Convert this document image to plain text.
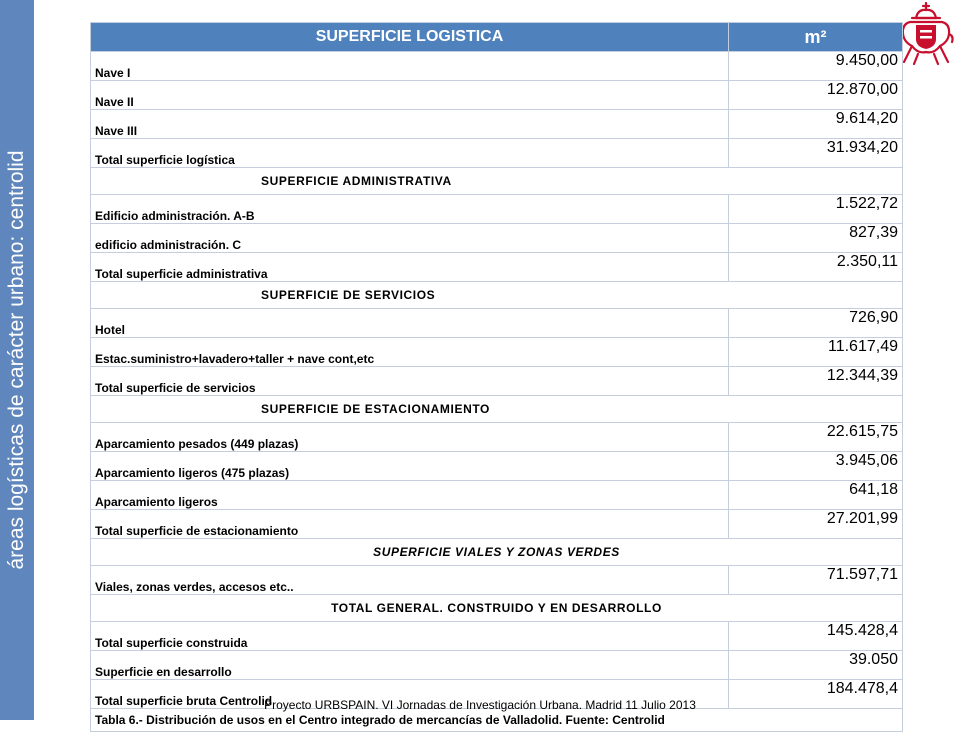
áreas logísticas de carácter urbano: centrolid
SUPERFICIE LOGISTICA	m²
Nave I	9.450,00
Nave II	12.870,00
Nave III	9.614,20
Total superficie logística	31.934,20
SUPERFICIE ADMINISTRATIVA	
Edificio administración. A-B	1.522,72
edificio administración. C	827,39
Total superficie administrativa	2.350,11
SUPERFICIE DE SERVICIOS	
Hotel	726,90
Estac.suministro+lavadero+taller + nave cont,etc	11.617,49
Total superficie de servicios	12.344,39
SUPERFICIE DE ESTACIONAMIENTO	
Aparcamiento pesados (449 plazas)	22.615,75
Aparcamiento ligeros (475 plazas)	3.945,06
Aparcamiento ligeros	641,18
Total superficie de estacionamiento	27.201,99
SUPERFICIE VIALES Y ZONAS VERDES	
Viales, zonas verdes, accesos etc..	71.597,71
TOTAL GENERAL. CONSTRUIDO Y EN DESARROLLO	
Total superficie construida	145.428,4
Superficie en desarrollo	39.050
Total superficie bruta Centrolid	184.478,4
Tabla 6.- Distribución de usos en el Centro integrado de mercancías de Valladolid. Fuente: Centrolid	
Proyecto URBSPAIN. VI Jornadas de Investigación Urbana. Madrid 11 Julio 2013
